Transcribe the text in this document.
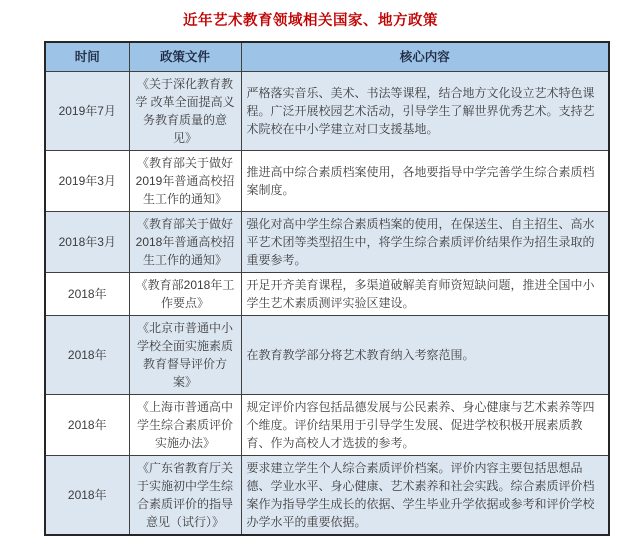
近年艺术教育领域相关国家、地方政策
时间	政策文件	核心内容
2019年7月	《关于深化教育教学 改革全面提高义务教育质量的意见》	严格落实音乐、美术、书法等课程，结合地方文化设立艺术特色课程。广泛开展校园艺术活动，引导学生了解世界优秀艺术。支持艺术院校在中小学建立对口支援基地。
2019年3月	《教育部关于做好2019年普通高校招生工作的通知》	推进高中综合素质档案使用，各地要指导中学完善学生综合素质档案制度。
2018年3月	《教育部关于做好2018年普通高校招生工作的通知》	强化对高中学生综合素质档案的使用，在保送生、自主招生、高水平艺术团等类型招生中，将学生综合素质评价结果作为招生录取的重要参考。
2018年	《教育部2018年工作要点》	开足开齐美育课程，多渠道破解美育师资短缺问题，推进全国中小学生艺术素质测评实验区建设。
2018年	《北京市普通中小学校全面实施素质教育督导评价方案》	在教育教学部分将艺术教育纳入考察范围。
2018年	《上海市普通高中学生综合素质评价实施办法》	规定评价内容包括品德发展与公民素养、身心健康与艺术素养等四个维度。评价结果用于引导学生发展、促进学校积极开展素质教育、作为高校人才选拔的参考。
2018年	《广东省教育厅关于实施初中学生综合素质评价的指导意见（试行）》	要求建立学生个人综合素质评价档案。评价内容主要包括思想品德、学业水平、身心健康、艺术素养和社会实践。综合素质评价档案作为指导学生成长的依据、学生毕业升学依据或参考和评价学校办学水平的重要依据。
